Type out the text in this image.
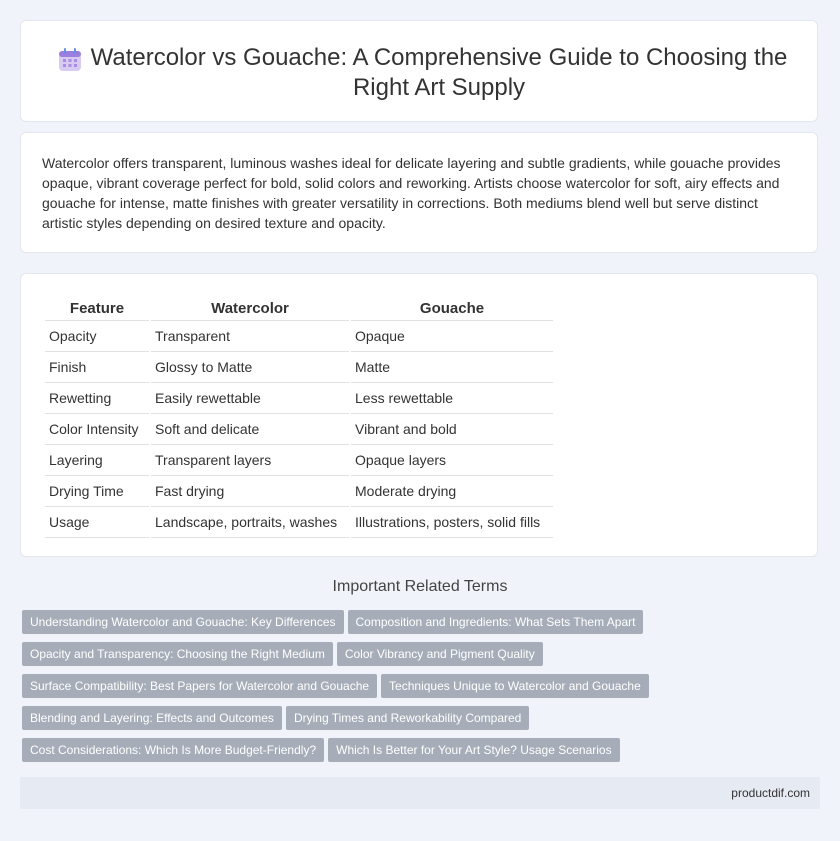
Watercolor vs Gouache: A Comprehensive Guide to Choosing the Right Art Supply

Watercolor offers transparent, luminous washes ideal for delicate layering and subtle gradients, while gouache provides opaque, vibrant coverage perfect for bold, solid colors and reworking. Artists choose watercolor for soft, airy effects and gouache for intense, matte finishes with greater versatility in corrections. Both mediums blend well but serve distinct artistic styles depending on desired texture and opacity.

Feature	Watercolor	Gouache
Opacity	Transparent	Opaque
Finish	Glossy to Matte	Matte
Rewetting	Easily rewettable	Less rewettable
Color Intensity	Soft and delicate	Vibrant and bold
Layering	Transparent layers	Opaque layers
Drying Time	Fast drying	Moderate drying
Usage	Landscape, portraits, washes	Illustrations, posters, solid fills
Important Related Terms
Understanding Watercolor and Gouache: Key Differences Composition and Ingredients: What Sets Them Apart
Opacity and Transparency: Choosing the Right Medium Color Vibrancy and Pigment Quality
Surface Compatibility: Best Papers for Watercolor and Gouache Techniques Unique to Watercolor and Gouache
Blending and Layering: Effects and Outcomes Drying Times and Reworkability Compared
Cost Considerations: Which Is More Budget-Friendly? Which Is Better for Your Art Style? Usage Scenarios
productdif.com
